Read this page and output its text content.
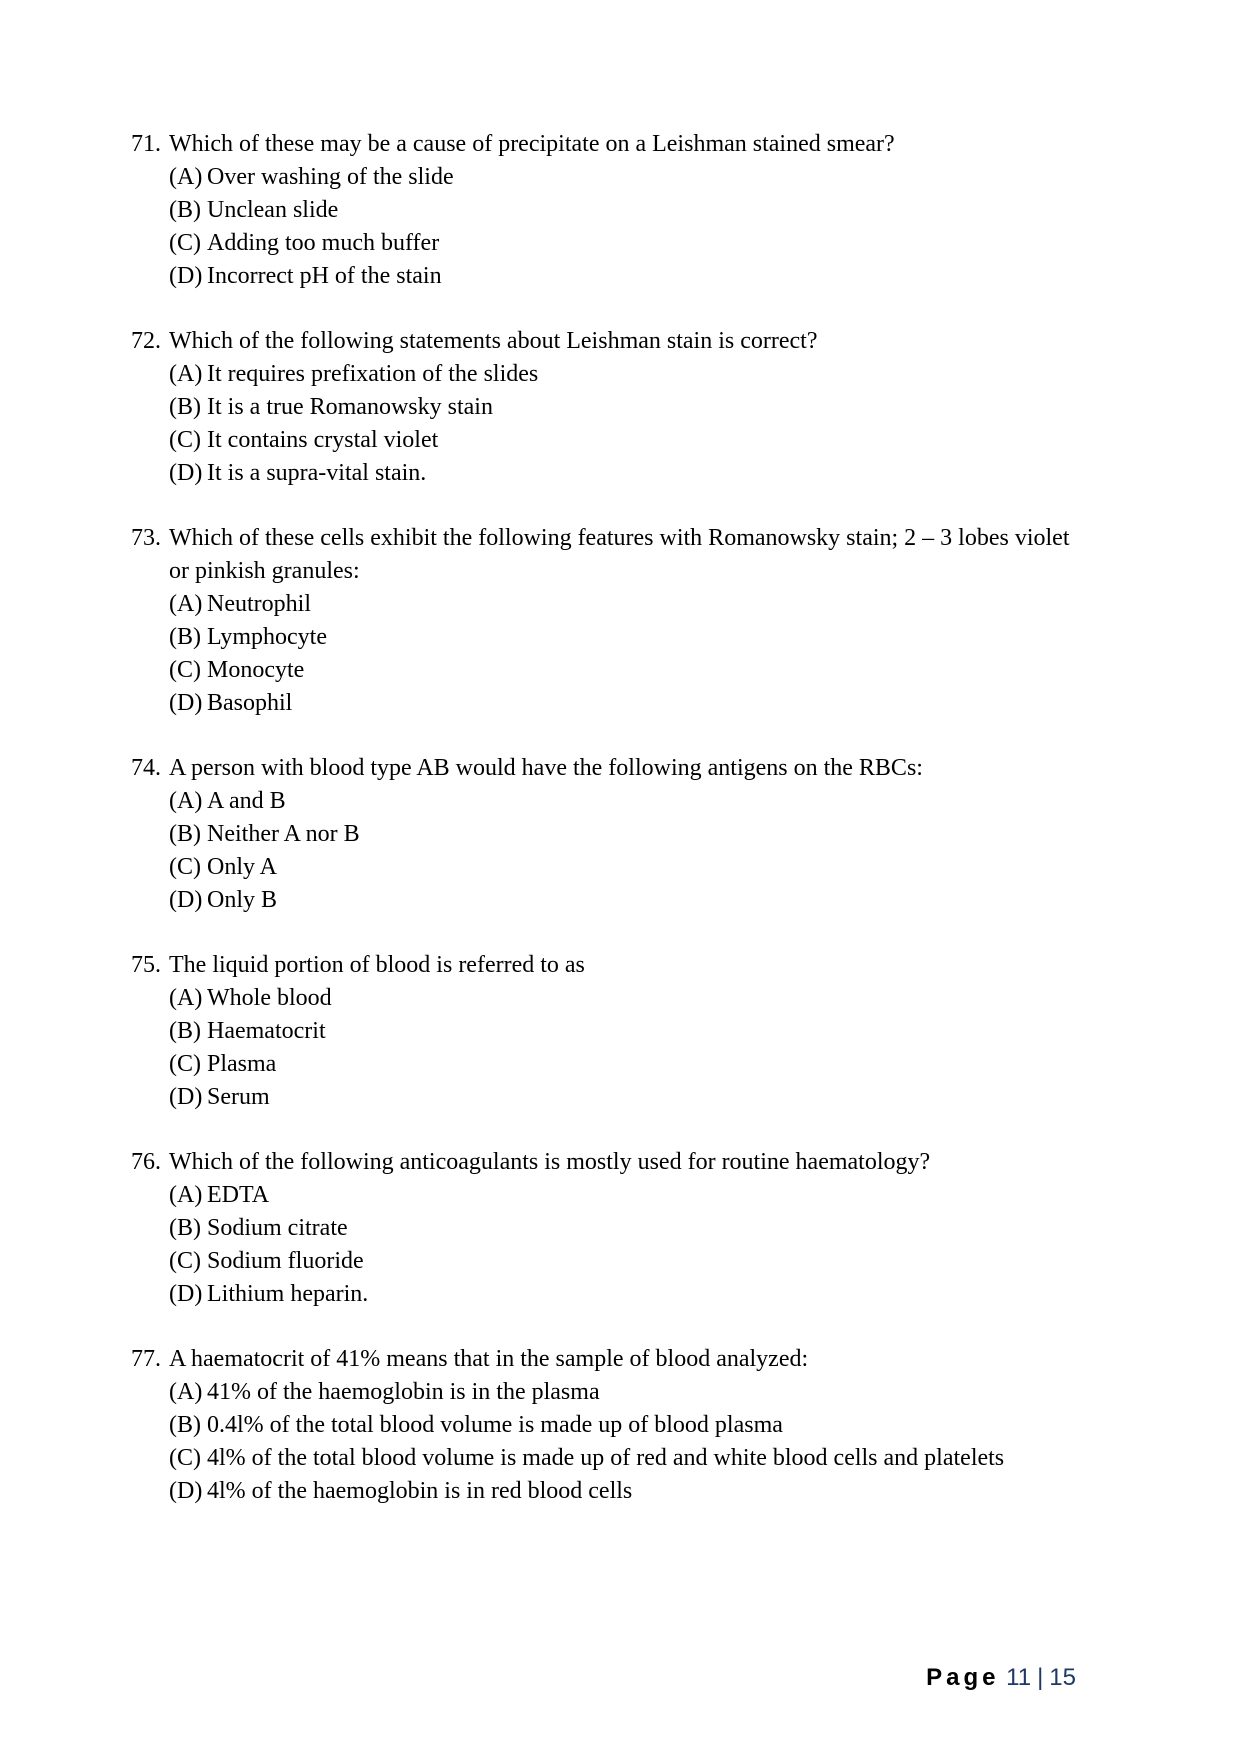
71. Which of these may be a cause of precipitate on a Leishman stained smear?
(A) Over washing of the slide
(B) Unclean slide
(C) Adding too much buffer
(D) Incorrect pH of the stain
72. Which of the following statements about Leishman stain is correct?
(A) It requires prefixation of the slides
(B) It is a true Romanowsky stain
(C) It contains crystal violet
(D) It is a supra-vital stain.
73. Which of these cells exhibit the following features with Romanowsky stain; 2 – 3 lobes violet or pinkish granules:
(A) Neutrophil
(B) Lymphocyte
(C) Monocyte
(D) Basophil
74. A person with blood type AB would have the following antigens on the RBCs:
(A) A and B
(B) Neither A nor B
(C) Only A
(D) Only B
75. The liquid portion of blood is referred to as
(A) Whole blood
(B) Haematocrit
(C) Plasma
(D) Serum
76. Which of the following anticoagulants is mostly used for routine haematology?
(A) EDTA
(B) Sodium citrate
(C) Sodium fluoride
(D) Lithium heparin.
77. A haematocrit of 41% means that in the sample of blood analyzed:
(A) 41% of the haemoglobin is in the plasma
(B) 0.4l% of the total blood volume is made up of blood plasma
(C) 4l% of the total blood volume is made up of red and white blood cells and platelets
(D) 4l% of the haemoglobin is in red blood cells
Page 11 | 15
